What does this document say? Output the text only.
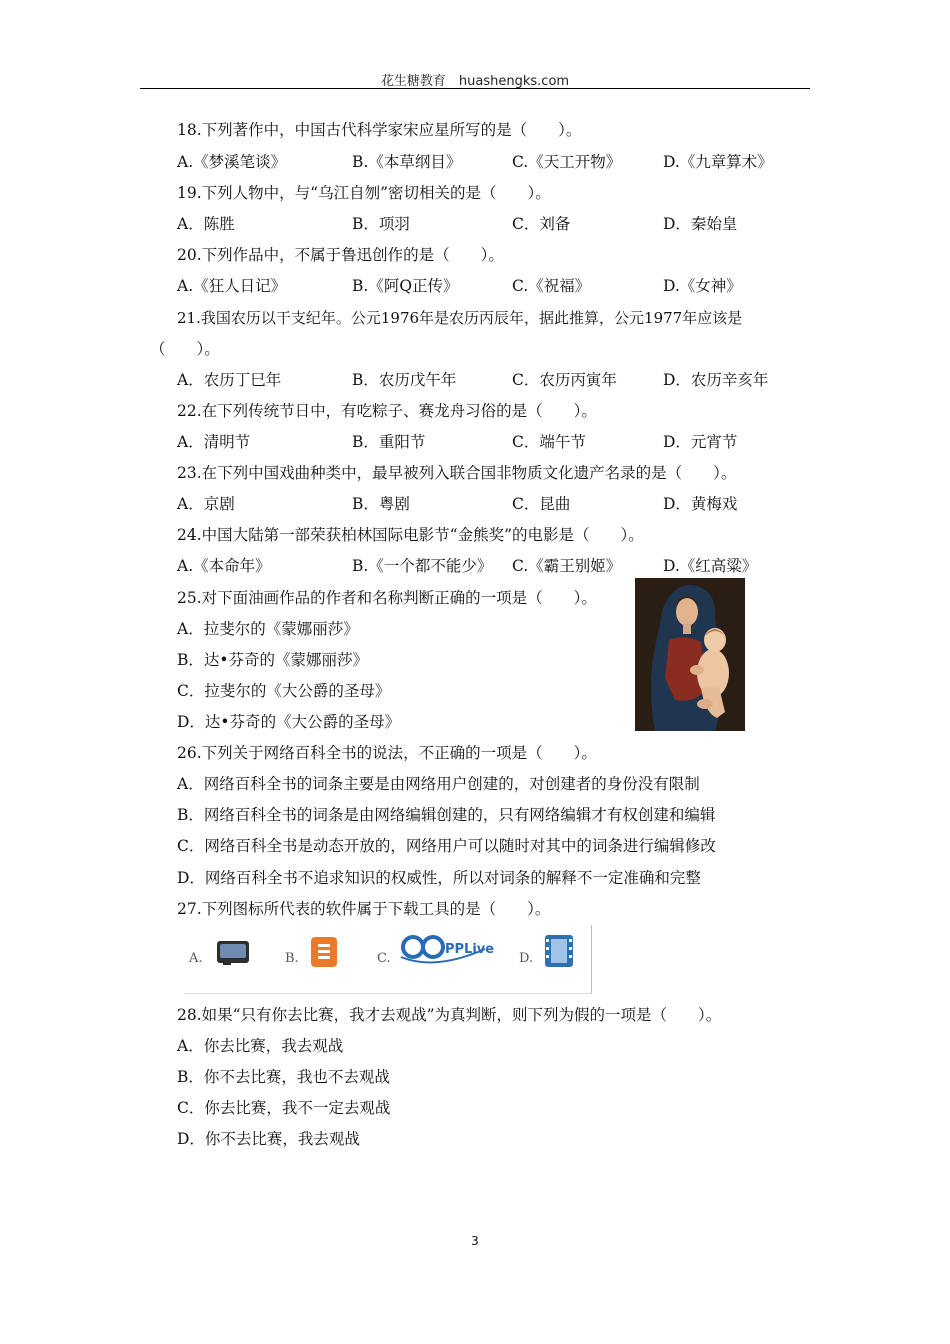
花生糖教育　huashengks.com
18.下列著作中，中国古代科学家宋应星所写的是（　　）。
A.《梦溪笔谈》	B.《本草纲目》	C.《天工开物》	D.《九章算术》
19.下列人物中，与“乌江自刎”密切相关的是（　　）。
A．陈胜	B．项羽	C．刘备	D．秦始皇
20.下列作品中，不属于鲁迅创作的是（　　）。
A.《狂人日记》	B.《阿Q正传》	C.《祝福》	D.《女神》
21.我国农历以干支纪年。公元1976年是农历丙辰年，据此推算，公元1977年应该是
（　　）。
A．农历丁巳年	B．农历戊午年	C．农历丙寅年	D．农历辛亥年
22.在下列传统节日中，有吃粽子、赛龙舟习俗的是（　　）。
A．清明节	B．重阳节	C．端午节	D．元宵节
23.在下列中国戏曲种类中，最早被列入联合国非物质文化遗产名录的是（　　）。
A．京剧	B．粤剧	C．昆曲	D．黄梅戏
24.中国大陆第一部荣获柏林国际电影节“金熊奖”的电影是（　　）。
A.《本命年》	B.《一个都不能少》 C.《霸王别姬》	D.《红高粱》
25.对下面油画作品的作者和名称判断正确的一项是（　　）。
A．拉斐尔的《蒙娜丽莎》
B．达•芬奇的《蒙娜丽莎》
C．拉斐尔的《大公爵的圣母》
D．达•芬奇的《大公爵的圣母》
26.下列关于网络百科全书的说法，不正确的一项是（　　）。
A．网络百科全书的词条主要是由网络用户创建的，对创建者的身份没有限制
B．网络百科全书的词条是由网络编辑创建的，只有网络编辑才有权创建和编辑
C．网络百科全书是动态开放的，网络用户可以随时对其中的词条进行编辑修改
D．网络百科全书不追求知识的权威性，所以对词条的解释不一定准确和完整
27.下列图标所代表的软件属于下载工具的是（　　）。
A.	B.	C.
PPLive
D.
28.如果“只有你去比赛，我才去观战”为真判断，则下列为假的一项是（　　）。
A．你去比赛，我去观战
B．你不去比赛，我也不去观战
C．你去比赛，我不一定去观战
D．你不去比赛，我去观战
3
